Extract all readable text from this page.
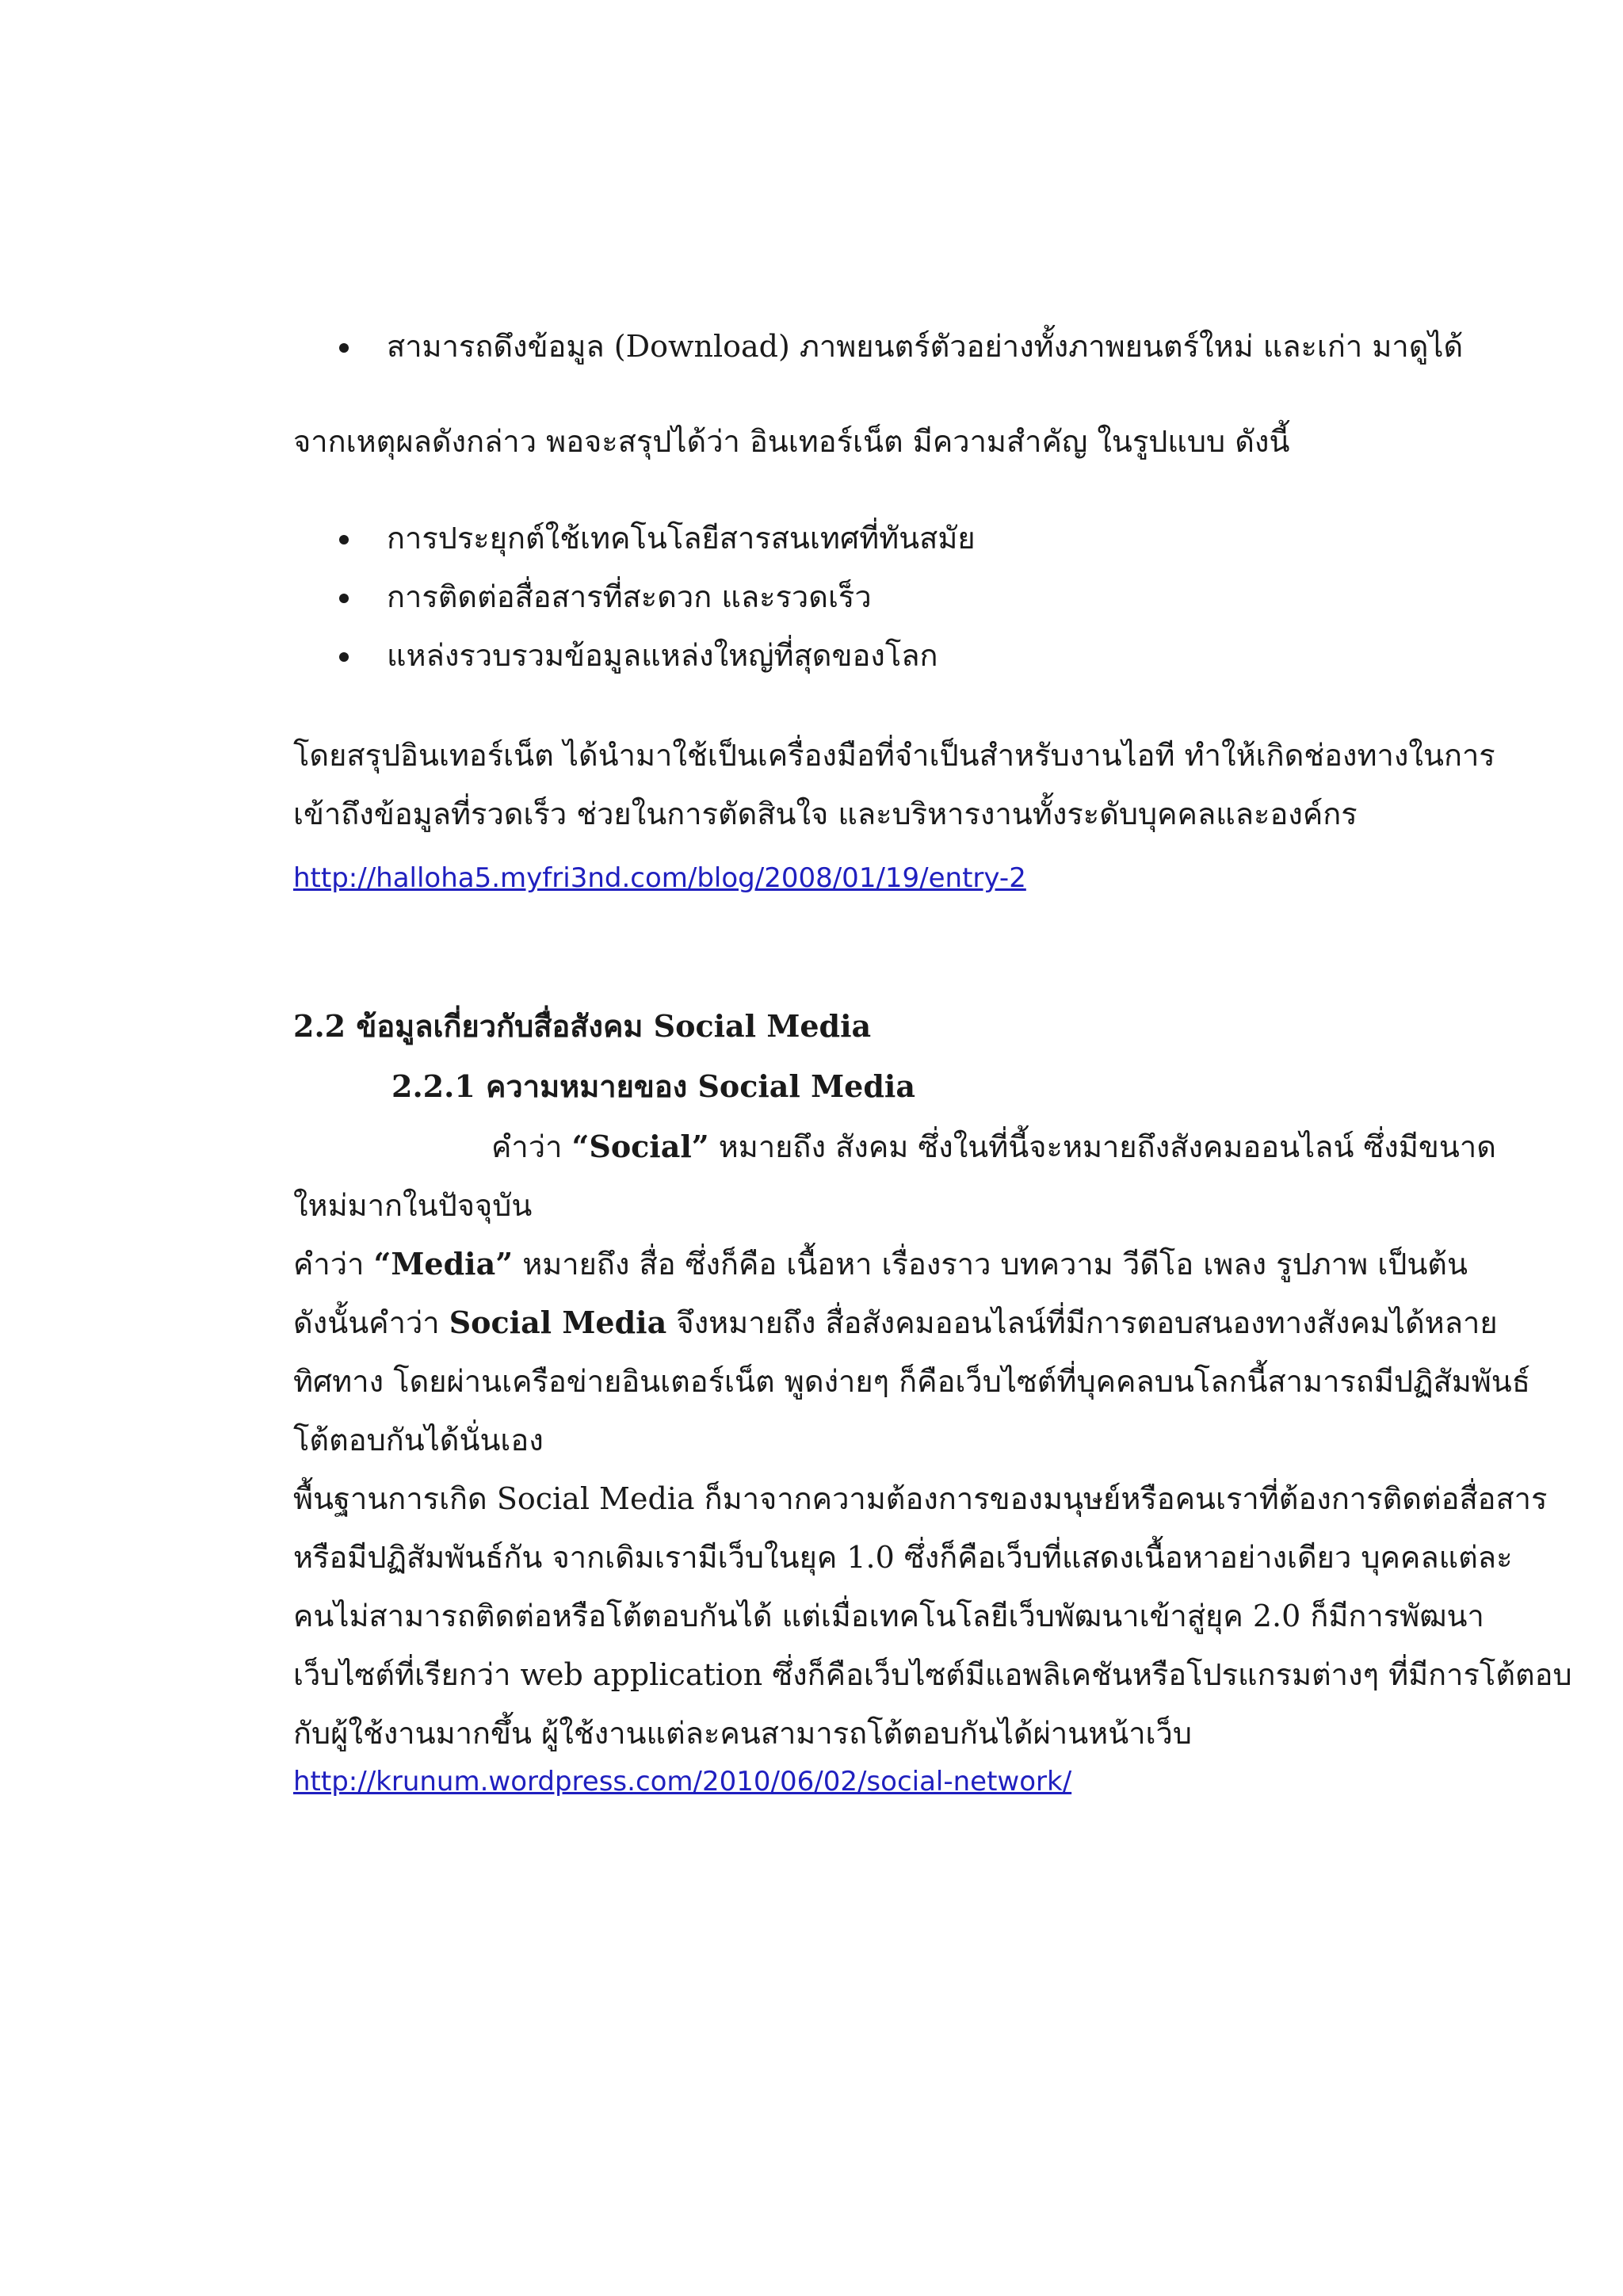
สามารถดึงข้อมูล (Download) ภาพยนตร์ตัวอย่างทั้งภาพยนตร์ใหม่ และเก่า มาดูได้
จากเหตุผลดังกล่าว พอจะสรุปได้ว่า อินเทอร์เน็ต มีความสำคัญ ในรูปแบบ ดังนี้
การประยุกต์ใช้เทคโนโลยีสารสนเทศที่ทันสมัย
การติดต่อสื่อสารที่สะดวก และรวดเร็ว
แหล่งรวบรวมข้อมูลแหล่งใหญ่ที่สุดของโลก
โดยสรุปอินเทอร์เน็ต ได้นำมาใช้เป็นเครื่องมือที่จำเป็นสำหรับงานไอที ทำให้เกิดช่องทางในการ
เข้าถึงข้อมูลที่รวดเร็ว ช่วยในการตัดสินใจ และบริหารงานทั้งระดับบุคคลและองค์กร
http://halloha5.myfri3nd.com/blog/2008/01/19/entry-2
2.2 ข้อมูลเกี่ยวกับสื่อสังคม Social Media
2.2.1 ความหมายของ Social Media
คำว่า “Social” หมายถึง สังคม ซึ่งในที่นี้จะหมายถึงสังคมออนไลน์ ซึ่งมีขนาด
ใหม่มากในปัจจุบัน
คำว่า “Media” หมายถึง สื่อ ซึ่งก็คือ เนื้อหา เรื่องราว บทความ วีดีโอ เพลง รูปภาพ เป็นต้น
ดังนั้นคำว่า Social Media จึงหมายถึง สื่อสังคมออนไลน์ที่มีการตอบสนองทางสังคมได้หลาย
ทิศทาง โดยผ่านเครือข่ายอินเตอร์เน็ต พูดง่ายๆ ก็คือเว็บไซต์ที่บุคคลบนโลกนี้สามารถมีปฏิสัมพันธ์
โต้ตอบกันได้นั่นเอง
พื้นฐานการเกิด Social Media ก็มาจากความต้องการของมนุษย์หรือคนเราที่ต้องการติดต่อสื่อสาร
หรือมีปฏิสัมพันธ์กัน จากเดิมเรามีเว็บในยุค 1.0 ซึ่งก็คือเว็บที่แสดงเนื้อหาอย่างเดียว บุคคลแต่ละ
คนไม่สามารถติดต่อหรือโต้ตอบกันได้ แต่เมื่อเทคโนโลยีเว็บพัฒนาเข้าสู่ยุค 2.0 ก็มีการพัฒนา
เว็บไซต์ที่เรียกว่า web application ซึ่งก็คือเว็บไซต์มีแอพลิเคชันหรือโปรแกรมต่างๆ ที่มีการโต้ตอบ
กับผู้ใช้งานมากขึ้น ผู้ใช้งานแต่ละคนสามารถโต้ตอบกันได้ผ่านหน้าเว็บ
http://krunum.wordpress.com/2010/06/02/social-network/
